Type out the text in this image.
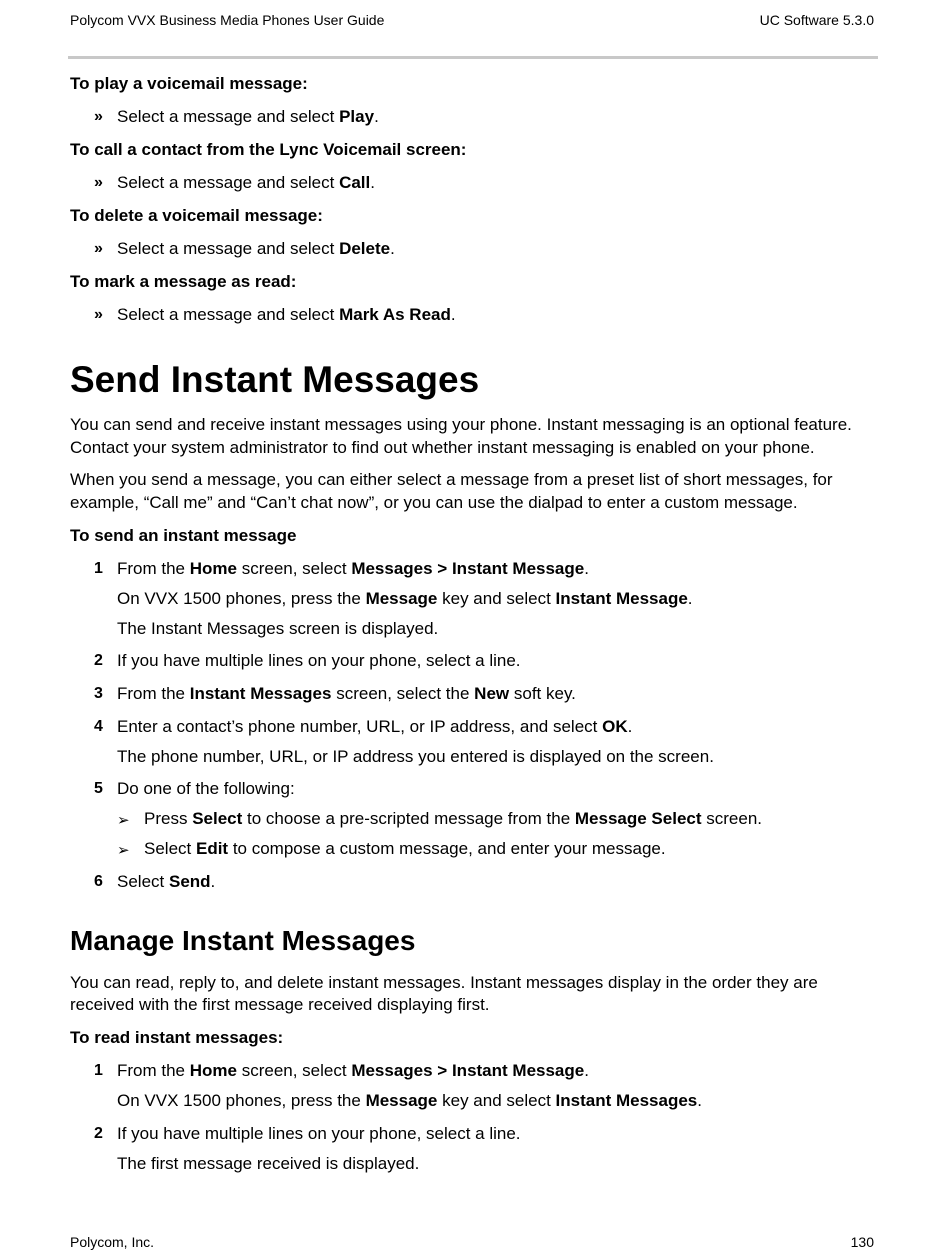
Polycom VVX Business Media Phones User Guide	UC Software 5.3.0
To play a voicemail message:
» Select a message and select Play.
To call a contact from the Lync Voicemail screen:
» Select a message and select Call.
To delete a voicemail message:
» Select a message and select Delete.
To mark a message as read:
» Select a message and select Mark As Read.
Send Instant Messages
You can send and receive instant messages using your phone. Instant messaging is an optional feature.
Contact your system administrator to find out whether instant messaging is enabled on your phone.
When you send a message, you can either select a message from a preset list of short messages, for
example, “Call me” and “Can’t chat now”, or you can use the dialpad to enter a custom message.
To send an instant message
1 From the Home screen, select Messages > Instant Message.
On VVX 1500 phones, press the Message key and select Instant Message.
The Instant Messages screen is displayed.
2 If you have multiple lines on your phone, select a line.
3 From the Instant Messages screen, select the New soft key.
4 Enter a contact’s phone number, URL, or IP address, and select OK.
The phone number, URL, or IP address you entered is displayed on the screen.
5 Do one of the following:
➢ Press Select to choose a pre-scripted message from the Message Select screen.
➢ Select Edit to compose a custom message, and enter your message.
6 Select Send.
Manage Instant Messages
You can read, reply to, and delete instant messages. Instant messages display in the order they are
received with the first message received displaying first.
To read instant messages:
1 From the Home screen, select Messages > Instant Message.
On VVX 1500 phones, press the Message key and select Instant Messages.
2 If you have multiple lines on your phone, select a line.
The first message received is displayed.
Polycom, Inc.	130
